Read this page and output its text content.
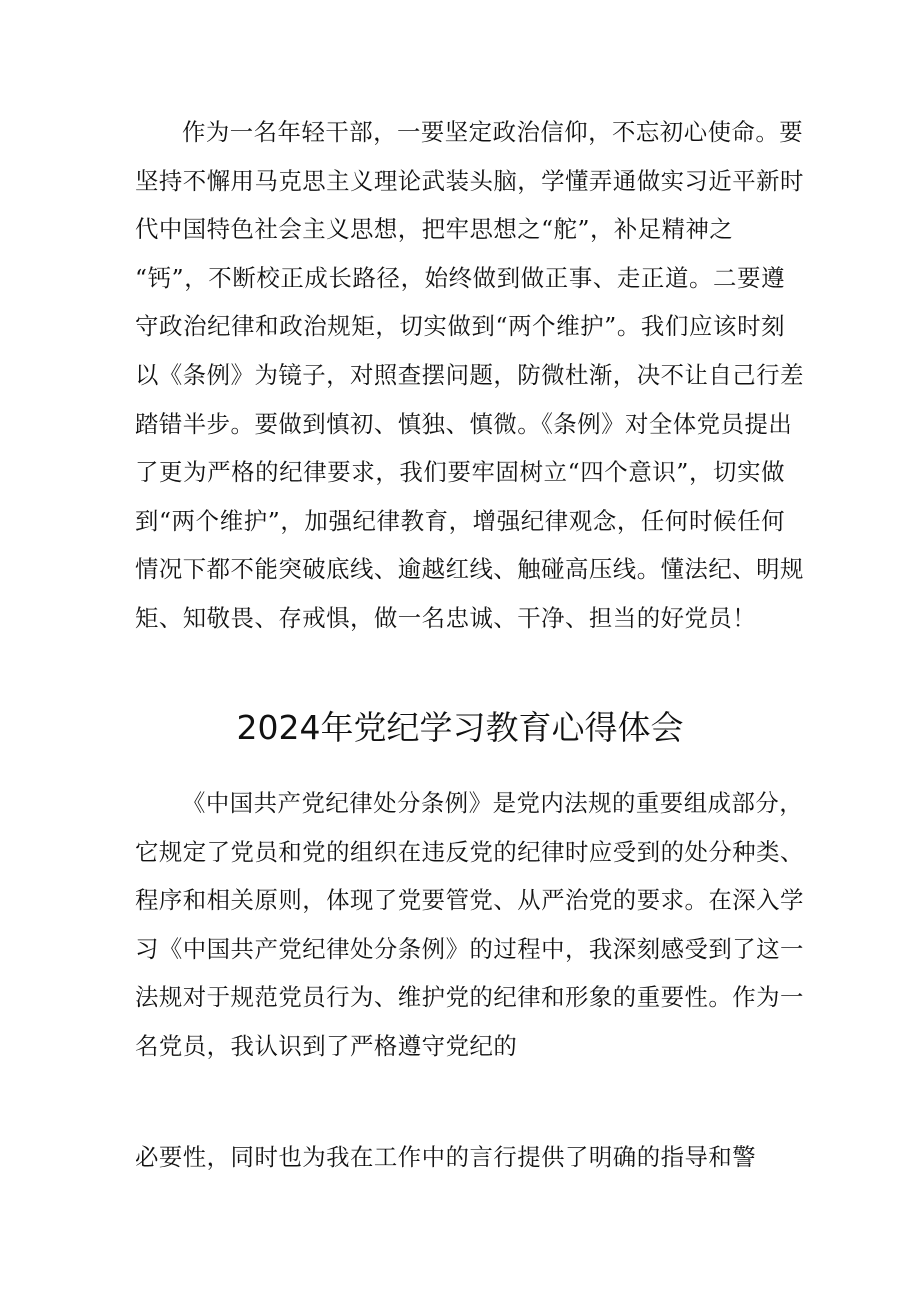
作为一名年轻干部，一要坚定政治信仰，不忘初心使命。要
坚持不懈用马克思主义理论武装头脑，学懂弄通做实习近平新时
代中国特色社会主义思想，把牢思想之“舵”，补足精神之
“钙”，不断校正成长路径，始终做到做正事、走正道。二要遵
守政治纪律和政治规矩，切实做到“两个维护”。我们应该时刻
以《条例》为镜子，对照查摆问题，防微杜渐，决不让自己行差
踏错半步。要做到慎初、慎独、慎微。《条例》对全体党员提出
了更为严格的纪律要求，我们要牢固树立“四个意识”，切实做
到“两个维护”，加强纪律教育，增强纪律观念，任何时候任何
情况下都不能突破底线、逾越红线、触碰高压线。懂法纪、明规
矩、知敬畏、存戒惧，做一名忠诚、干净、担当的好党员！
2024年党纪学习教育心得体会
《中国共产党纪律处分条例》是党内法规的重要组成部分，
它规定了党员和党的组织在违反党的纪律时应受到的处分种类、
程序和相关原则，体现了党要管党、从严治党的要求。在深入学
习《中国共产党纪律处分条例》的过程中，我深刻感受到了这一
法规对于规范党员行为、维护党的纪律和形象的重要性。作为一
名党员，我认识到了严格遵守党纪的
必要性，同时也为我在工作中的言行提供了明确的指导和警
